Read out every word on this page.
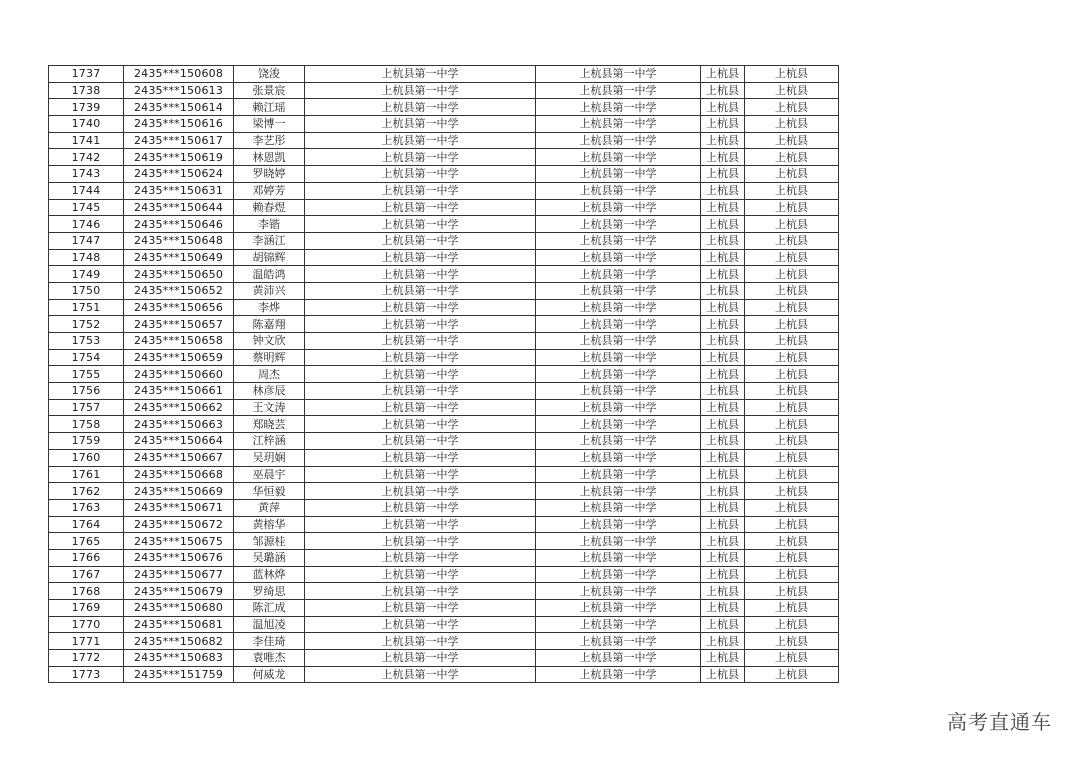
1737	2435***150608	饶浚	上杭县第一中学	上杭县第一中学	上杭县	上杭县
1738	2435***150613	张景宸	上杭县第一中学	上杭县第一中学	上杭县	上杭县
1739	2435***150614	赖江瑶	上杭县第一中学	上杭县第一中学	上杭县	上杭县
1740	2435***150616	梁博一	上杭县第一中学	上杭县第一中学	上杭县	上杭县
1741	2435***150617	李艺彤	上杭县第一中学	上杭县第一中学	上杭县	上杭县
1742	2435***150619	林恩凯	上杭县第一中学	上杭县第一中学	上杭县	上杭县
1743	2435***150624	罗晓婷	上杭县第一中学	上杭县第一中学	上杭县	上杭县
1744	2435***150631	邓婷芳	上杭县第一中学	上杭县第一中学	上杭县	上杭县
1745	2435***150644	赖春煜	上杭县第一中学	上杭县第一中学	上杭县	上杭县
1746	2435***150646	李锴	上杭县第一中学	上杭县第一中学	上杭县	上杭县
1747	2435***150648	李涵江	上杭县第一中学	上杭县第一中学	上杭县	上杭县
1748	2435***150649	胡锦辉	上杭县第一中学	上杭县第一中学	上杭县	上杭县
1749	2435***150650	温皓鸿	上杭县第一中学	上杭县第一中学	上杭县	上杭县
1750	2435***150652	黄沛兴	上杭县第一中学	上杭县第一中学	上杭县	上杭县
1751	2435***150656	李烨	上杭县第一中学	上杭县第一中学	上杭县	上杭县
1752	2435***150657	陈嘉翔	上杭县第一中学	上杭县第一中学	上杭县	上杭县
1753	2435***150658	钟文欣	上杭县第一中学	上杭县第一中学	上杭县	上杭县
1754	2435***150659	蔡明辉	上杭县第一中学	上杭县第一中学	上杭县	上杭县
1755	2435***150660	周杰	上杭县第一中学	上杭县第一中学	上杭县	上杭县
1756	2435***150661	林彦辰	上杭县第一中学	上杭县第一中学	上杭县	上杭县
1757	2435***150662	王文涛	上杭县第一中学	上杭县第一中学	上杭县	上杭县
1758	2435***150663	郑晓芸	上杭县第一中学	上杭县第一中学	上杭县	上杭县
1759	2435***150664	江梓涵	上杭县第一中学	上杭县第一中学	上杭县	上杭县
1760	2435***150667	吴玥娴	上杭县第一中学	上杭县第一中学	上杭县	上杭县
1761	2435***150668	巫晨宇	上杭县第一中学	上杭县第一中学	上杭县	上杭县
1762	2435***150669	华恒毅	上杭县第一中学	上杭县第一中学	上杭县	上杭县
1763	2435***150671	黄萍	上杭县第一中学	上杭县第一中学	上杭县	上杭县
1764	2435***150672	黄榕华	上杭县第一中学	上杭县第一中学	上杭县	上杭县
1765	2435***150675	邹源桂	上杭县第一中学	上杭县第一中学	上杭县	上杭县
1766	2435***150676	吴璐涵	上杭县第一中学	上杭县第一中学	上杭县	上杭县
1767	2435***150677	蓝林烨	上杭县第一中学	上杭县第一中学	上杭县	上杭县
1768	2435***150679	罗绮思	上杭县第一中学	上杭县第一中学	上杭县	上杭县
1769	2435***150680	陈汇成	上杭县第一中学	上杭县第一中学	上杭县	上杭县
1770	2435***150681	温旭凌	上杭县第一中学	上杭县第一中学	上杭县	上杭县
1771	2435***150682	李佳琦	上杭县第一中学	上杭县第一中学	上杭县	上杭县
1772	2435***150683	袁唯杰	上杭县第一中学	上杭县第一中学	上杭县	上杭县
1773	2435***151759	何威龙	上杭县第一中学	上杭县第一中学	上杭县	上杭县
高考直通车
